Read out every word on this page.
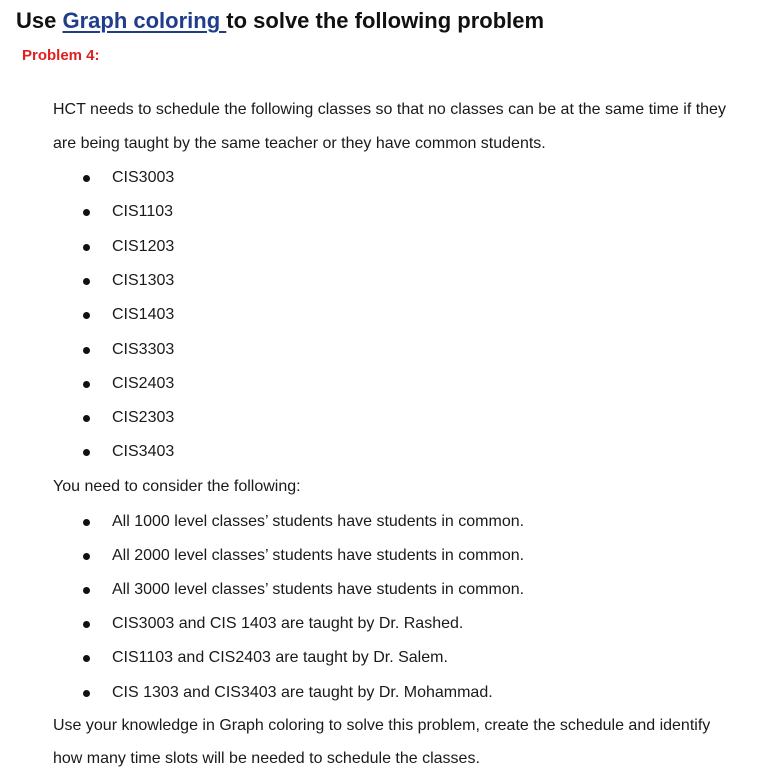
Use Graph coloring to solve the following problem
Problem 4:
HCT needs to schedule the following classes so that no classes can be at the same time if they
are being taught by the same teacher or they have common students.
CIS3003
CIS1103
CIS1203
CIS1303
CIS1403
CIS3303
CIS2403
CIS2303
CIS3403
You need to consider the following:
All 1000 level classes’ students have students in common.
All 2000 level classes’ students have students in common.
All 3000 level classes’ students have students in common.
CIS3003 and CIS 1403 are taught by Dr. Rashed.
CIS1103 and CIS2403 are taught by Dr. Salem.
CIS 1303 and CIS3403 are taught by Dr. Mohammad.
Use your knowledge in Graph coloring to solve this problem, create the schedule and identify
how many time slots will be needed to schedule the classes.
